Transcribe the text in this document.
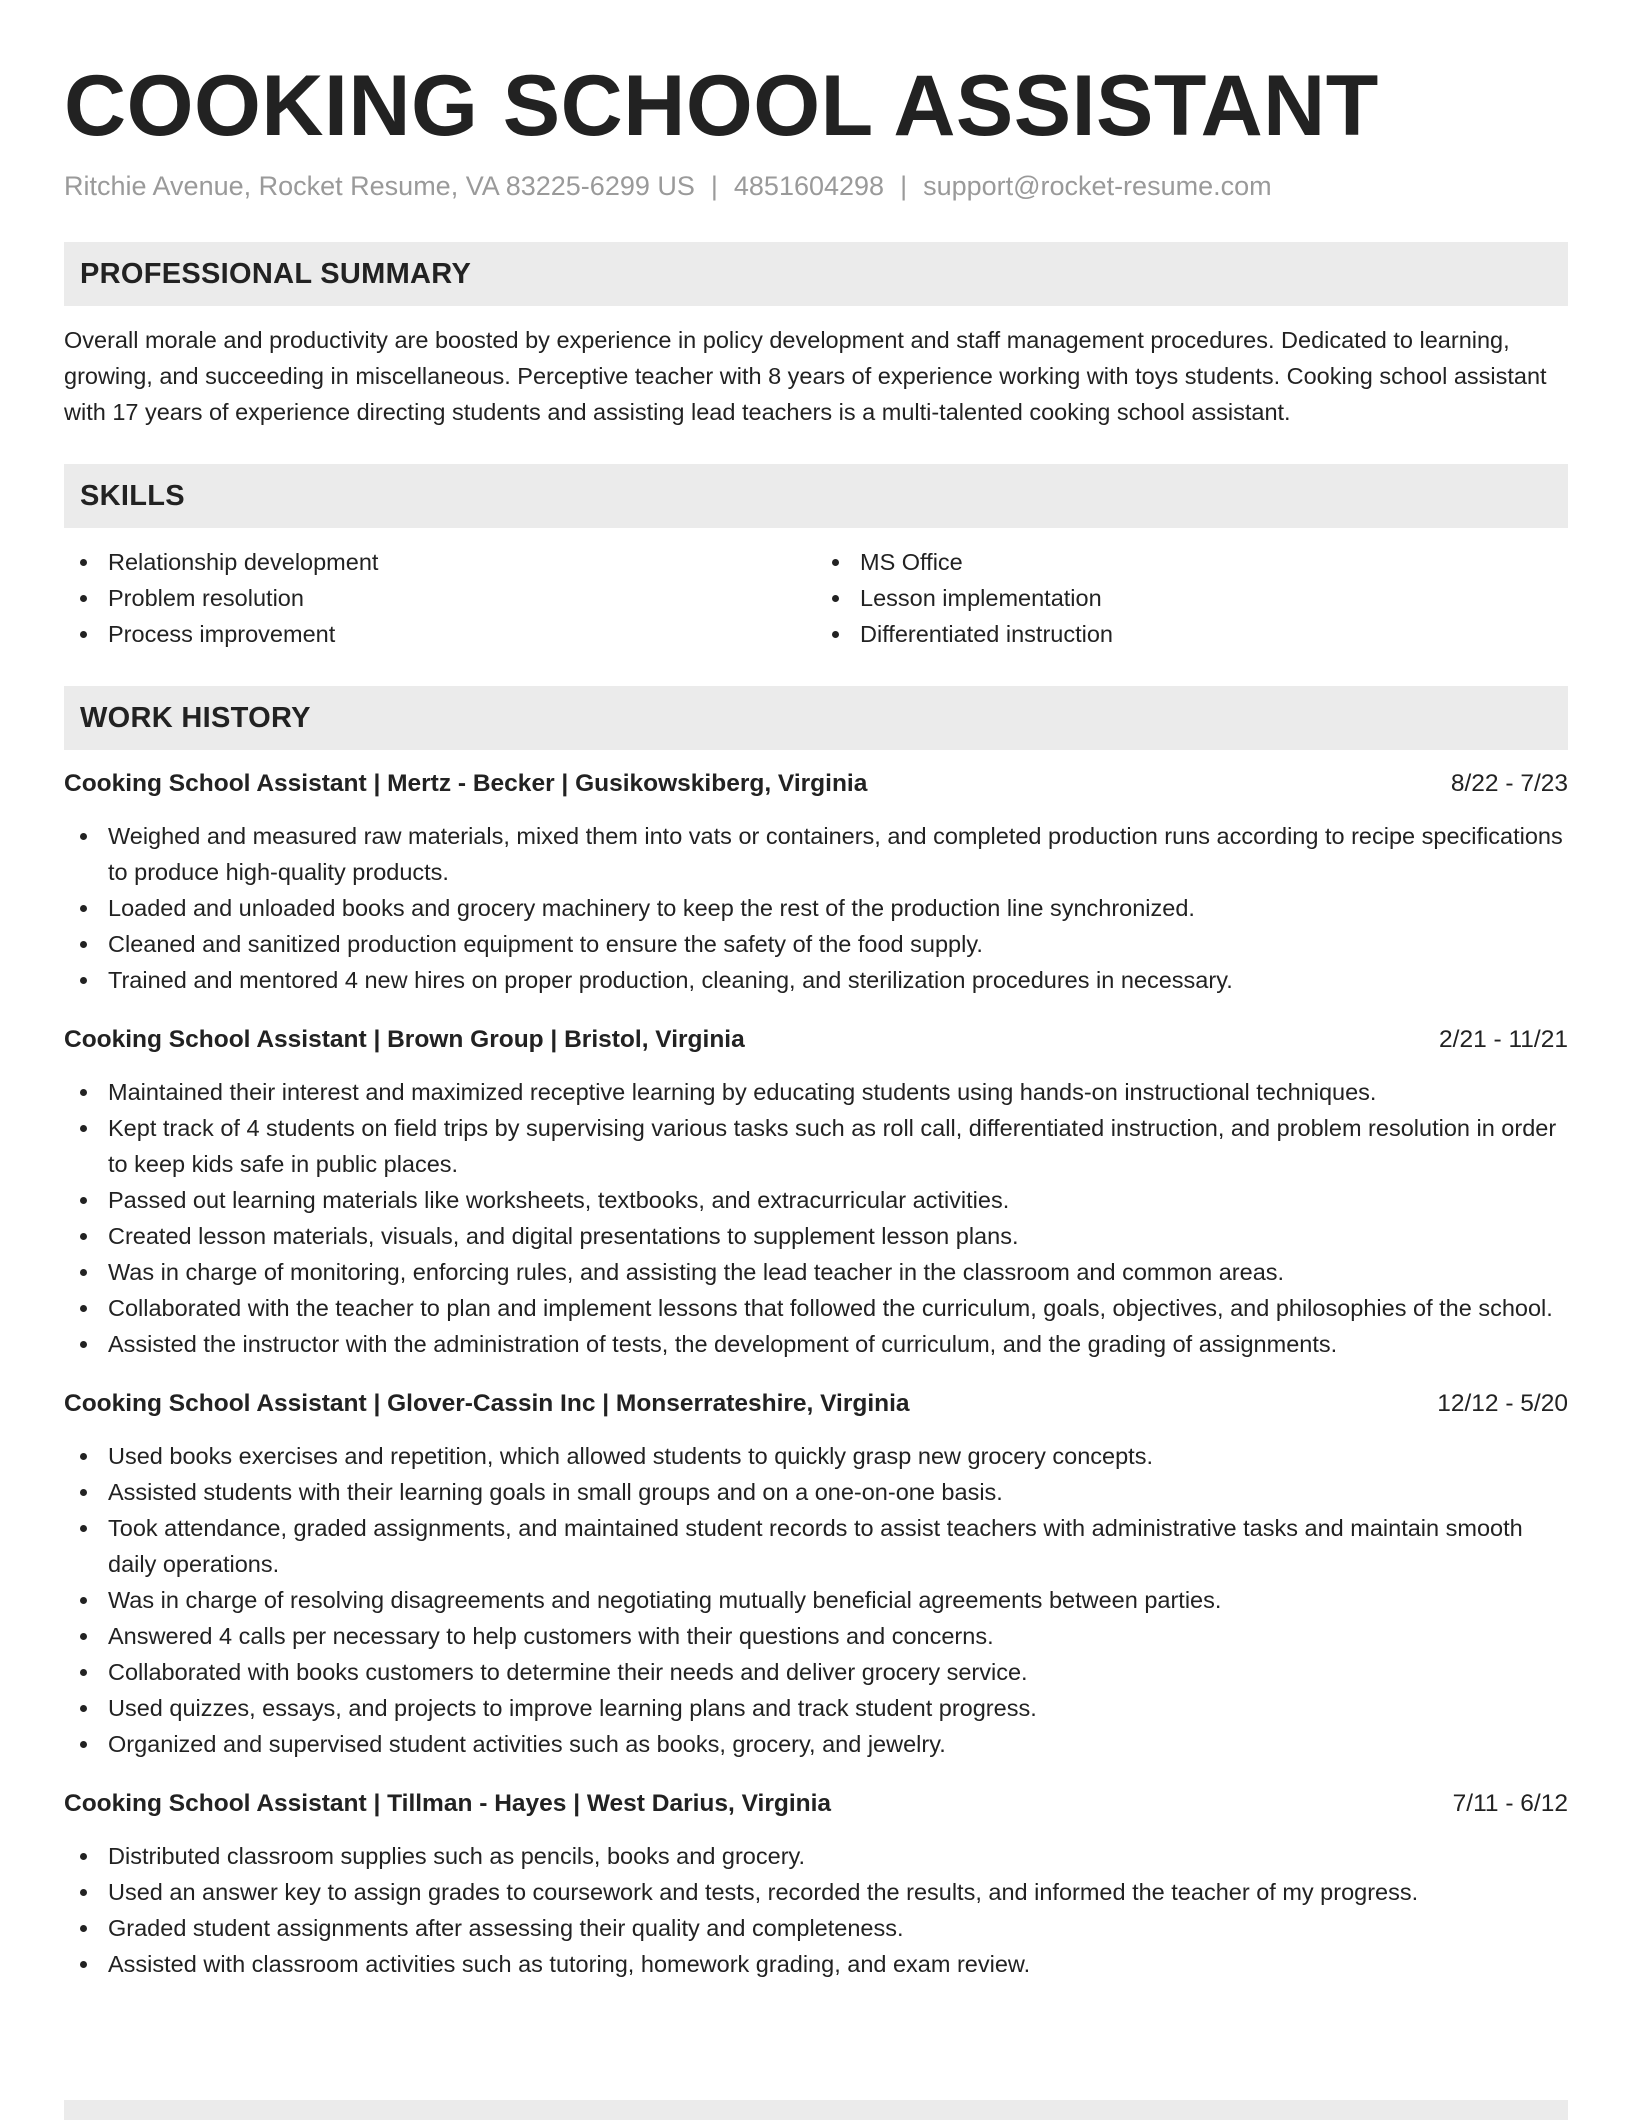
COOKING SCHOOL ASSISTANT
Ritchie Avenue, Rocket Resume, VA 83225-6299 US | 4851604298 | support@rocket-resume.com
PROFESSIONAL SUMMARY

Overall morale and productivity are boosted by experience in policy development and staff management procedures. Dedicated to learning, growing, and succeeding in miscellaneous. Perceptive teacher with 8 years of experience working with toys students. Cooking school assistant with 17 years of experience directing students and assisting lead teachers is a multi-talented cooking school assistant.

SKILLS
Relationship development
Problem resolution
Process improvement
MS Office
Lesson implementation
Differentiated instruction
WORK HISTORY
Cooking School Assistant | Mertz - Becker | Gusikowskiberg, Virginia	8/22 - 7/23
Weighed and measured raw materials, mixed them into vats or containers, and completed production runs according to recipe specifications to produce high-quality products.
Loaded and unloaded books and grocery machinery to keep the rest of the production line synchronized.
Cleaned and sanitized production equipment to ensure the safety of the food supply.
Trained and mentored 4 new hires on proper production, cleaning, and sterilization procedures in necessary.
Cooking School Assistant | Brown Group | Bristol, Virginia	2/21 - 11/21
Maintained their interest and maximized receptive learning by educating students using hands-on instructional techniques.
Kept track of 4 students on field trips by supervising various tasks such as roll call, differentiated instruction, and problem resolution in order to keep kids safe in public places.
Passed out learning materials like worksheets, textbooks, and extracurricular activities.
Created lesson materials, visuals, and digital presentations to supplement lesson plans.
Was in charge of monitoring, enforcing rules, and assisting the lead teacher in the classroom and common areas.
Collaborated with the teacher to plan and implement lessons that followed the curriculum, goals, objectives, and philosophies of the school.
Assisted the instructor with the administration of tests, the development of curriculum, and the grading of assignments.
Cooking School Assistant | Glover-Cassin Inc | Monserrateshire, Virginia	12/12 - 5/20
Used books exercises and repetition, which allowed students to quickly grasp new grocery concepts.
Assisted students with their learning goals in small groups and on a one-on-one basis.
Took attendance, graded assignments, and maintained student records to assist teachers with administrative tasks and maintain smooth daily operations.
Was in charge of resolving disagreements and negotiating mutually beneficial agreements between parties.
Answered 4 calls per necessary to help customers with their questions and concerns.
Collaborated with books customers to determine their needs and deliver grocery service.
Used quizzes, essays, and projects to improve learning plans and track student progress.
Organized and supervised student activities such as books, grocery, and jewelry.
Cooking School Assistant | Tillman - Hayes | West Darius, Virginia	7/11 - 6/12
Distributed classroom supplies such as pencils, books and grocery.
Used an answer key to assign grades to coursework and tests, recorded the results, and informed the teacher of my progress.
Graded student assignments after assessing their quality and completeness.
Assisted with classroom activities such as tutoring, homework grading, and exam review.
